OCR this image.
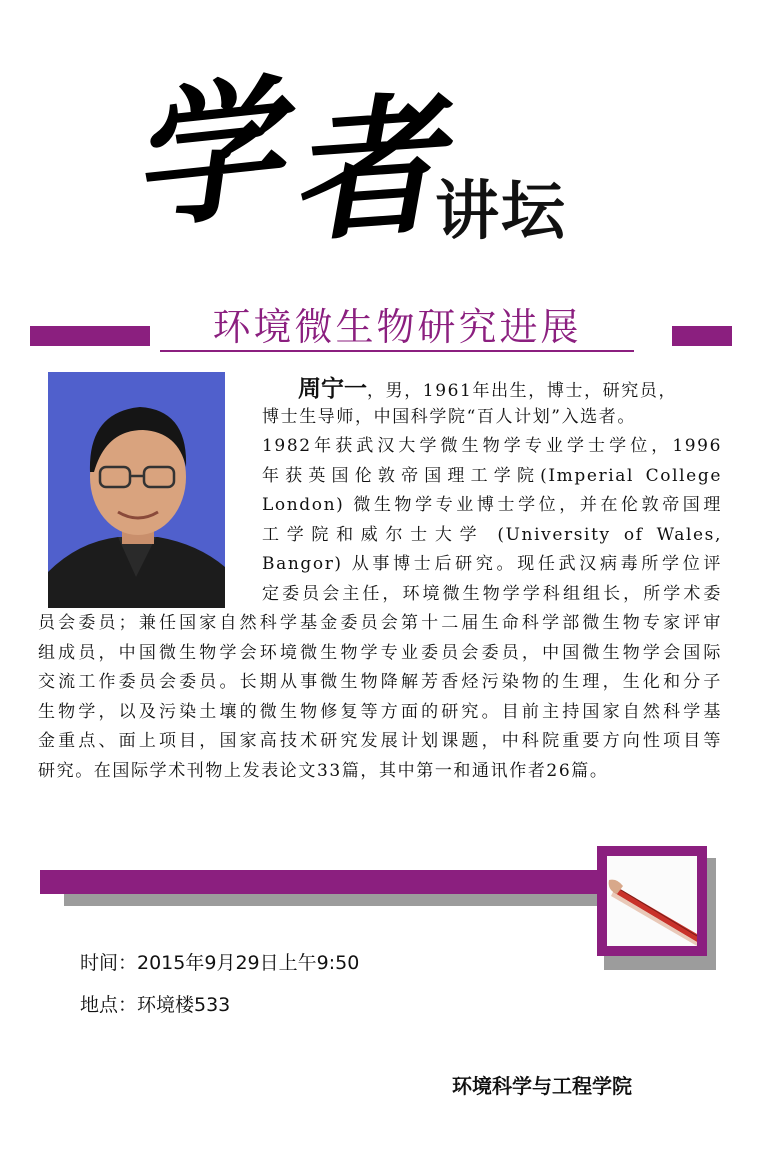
学
者
讲坛
环境微生物研究进展
周宁一，男，1961年出生，博士，研究员，
博士生导师，中国科学院“百人计划”入选者。
1982年获武汉大学微生物学专业学士学位，1996
年获英国伦敦帝国理工学院(Imperial College
London) 微生物学专业博士学位，并在伦敦帝国理
工学院和威尔士大学 (University of Wales,
Bangor) 从事博士后研究。现任武汉病毒所学位评
定委员会主任，环境微生物学学科组组长，所学术委
员会委员；兼任国家自然科学基金委员会第十二届生命科学部微生物专家评审
组成员，中国微生物学会环境微生物学专业委员会委员，中国微生物学会国际
交流工作委员会委员。长期从事微生物降解芳香烃污染物的生理，生化和分子
生物学，以及污染土壤的微生物修复等方面的研究。目前主持国家自然科学基
金重点、面上项目，国家高技术研究发展计划课题，中科院重要方向性项目等
研究。在国际学术刊物上发表论文33篇，其中第一和通讯作者26篇。
时间：2015年9月29日上午9:50
地点：环境楼533
环境科学与工程学院
